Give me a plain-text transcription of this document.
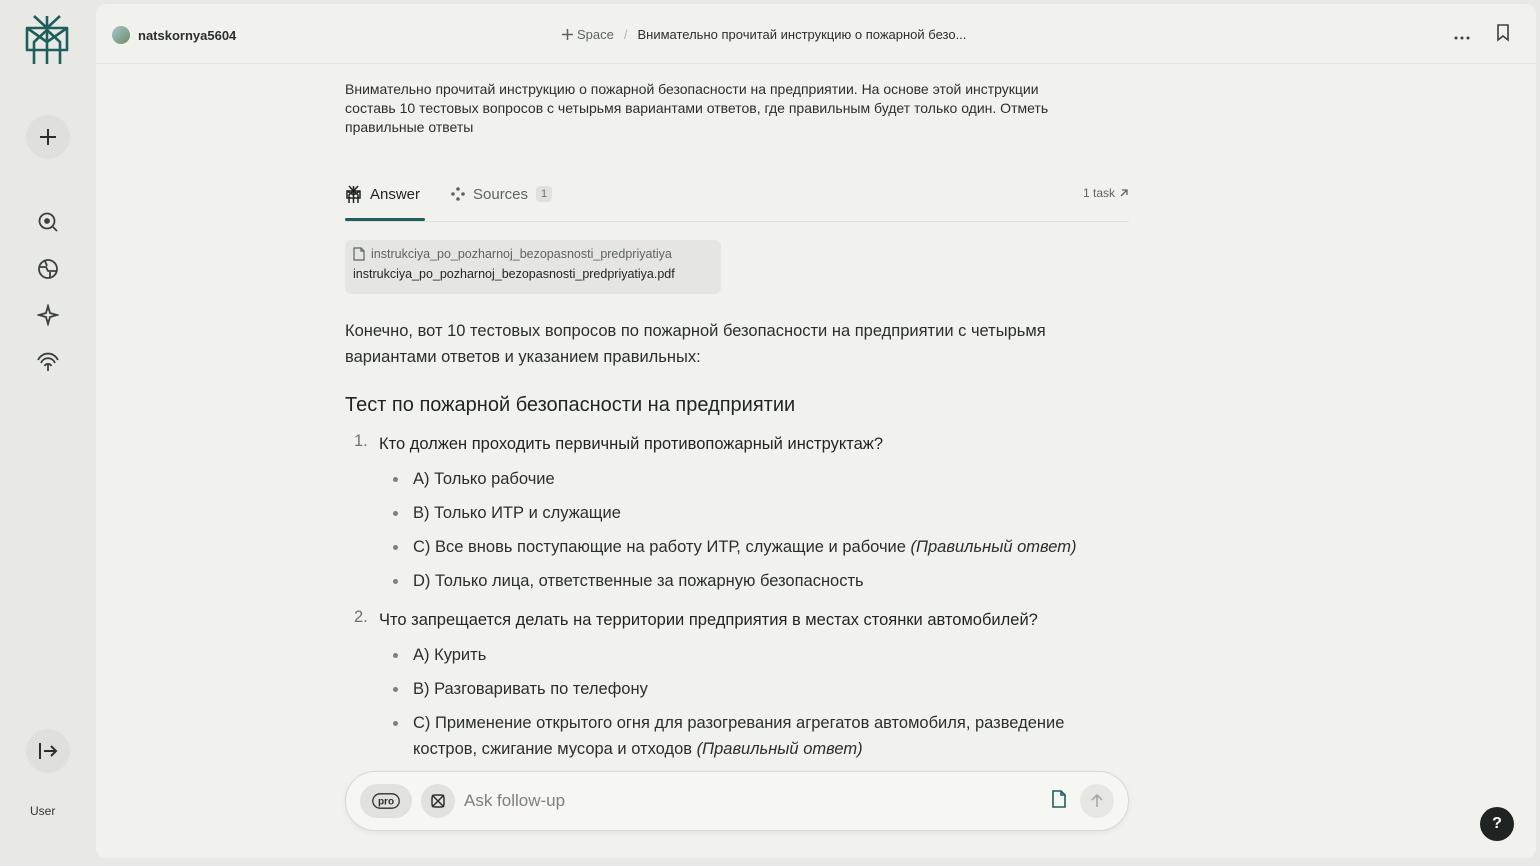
User
natskornya5604	Space / Внимательно прочитай инструкцию о пожарной безо...
Внимательно прочитай инструкцию о пожарной безопасности на предприятии. На основе этой инструкции составь 10 тестовых вопросов с четырьмя вариантами ответов, где правильным будет только один. Отметь правильные ответы
Answer	Sources	1	1 task
instrukciya_po_pozharnoj_bezopasnosti_predpriyatiya
instrukciya_po_pozharnoj_bezopasnosti_predpriyatiya.pdf
Конечно, вот 10 тестовых вопросов по пожарной безопасности на предприятии с четырьмя вариантами ответов и указанием правильных:
Тест по пожарной безопасности на предприятии
1. Кто должен проходить первичный противопожарный инструктаж?
A) Только рабочие
B) Только ИТР и служащие
C) Все вновь поступающие на работу ИТР, служащие и рабочие (Правильный ответ)
D) Только лица, ответственные за пожарную безопасность
2. Что запрещается делать на территории предприятия в местах стоянки автомобилей?
A) Курить
B) Разговаривать по телефону
C) Применение открытого огня для разогревания агрегатов автомобиля, разведение костров, сжигание мусора и отходов (Правильный ответ)
pro
Ask follow-up
?
